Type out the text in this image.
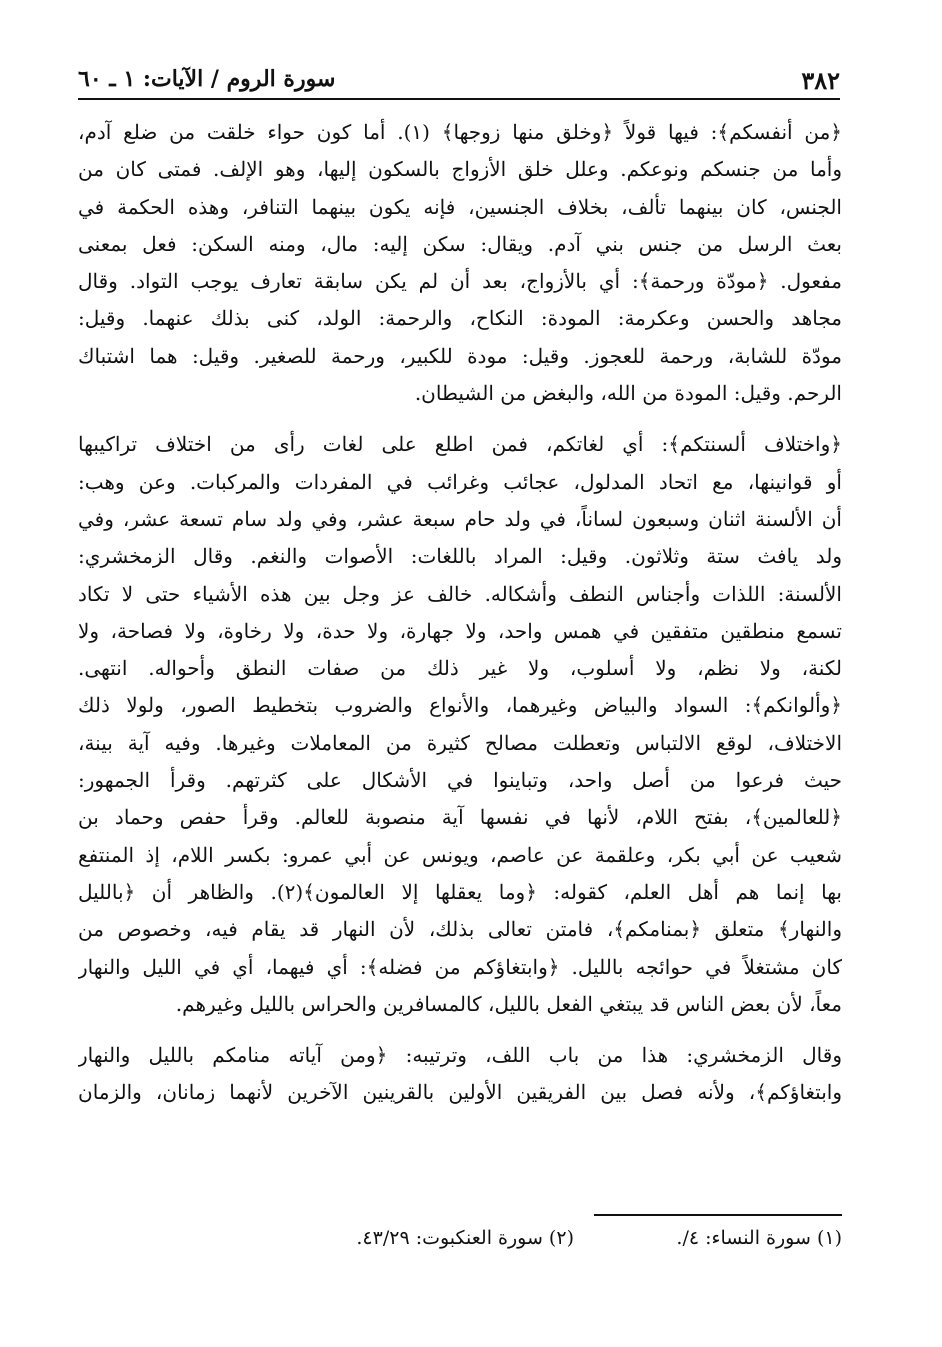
٣٨٢
سورة الروم / الآيات: ١ ـ ٦٠

﴿من أنفسكم﴾: فيها قولاً ﴿وخلق منها زوجها﴾ (١). أما كون حواء خلقت من ضلع آدم،
وأما من جنسكم ونوعكم. وعلل خلق الأزواج بالسكون إليها، وهو الإلف. فمتى كان من
الجنس، كان بينهما تألف، بخلاف الجنسين، فإنه يكون بينهما التنافر، وهذه الحكمة في
بعث الرسل من جنس بني آدم. ويقال: سكن إليه: مال، ومنه السكن: فعل بمعنى
مفعول. ﴿مودّة ورحمة﴾: أي بالأزواج، بعد أن لم يكن سابقة تعارف يوجب التواد. وقال
مجاهد والحسن وعكرمة: المودة: النكاح، والرحمة: الولد، كنى بذلك عنهما. وقيل:
مودّة للشابة، ورحمة للعجوز. وقيل: مودة للكبير، ورحمة للصغير. وقيل: هما اشتباك
الرحم. وقيل: المودة من الله، والبغض من الشيطان.

﴿واختلاف ألسنتكم﴾: أي لغاتكم، فمن اطلع على لغات رأى من اختلاف تراكيبها
أو قوانينها، مع اتحاد المدلول، عجائب وغرائب في المفردات والمركبات. وعن وهب:
أن الألسنة اثنان وسبعون لساناً، في ولد حام سبعة عشر، وفي ولد سام تسعة عشر، وفي
ولد يافث ستة وثلاثون. وقيل: المراد باللغات: الأصوات والنغم. وقال الزمخشري:
الألسنة: اللذات وأجناس النطف وأشكاله. خالف عز وجل بين هذه الأشياء حتى لا تكاد
تسمع منطقين متفقين في همس واحد، ولا جهارة، ولا حدة، ولا رخاوة، ولا فصاحة، ولا
لكنة، ولا نظم، ولا أسلوب، ولا غير ذلك من صفات النطق وأحواله. انتهى.
﴿وألوانكم﴾: السواد والبياض وغيرهما، والأنواع والضروب بتخطيط الصور، ولولا ذلك
الاختلاف، لوقع الالتباس وتعطلت مصالح كثيرة من المعاملات وغيرها. وفيه آية بينة،
حيث فرعوا من أصل واحد، وتباينوا في الأشكال على كثرتهم. وقرأ الجمهور:
﴿للعالمين﴾، بفتح اللام، لأنها في نفسها آية منصوبة للعالم. وقرأ حفص وحماد بن
شعيب عن أبي بكر، وعلقمة عن عاصم، ويونس عن أبي عمرو: بكسر اللام، إذ المنتفع
بها إنما هم أهل العلم، كقوله: ﴿وما يعقلها إلا العالمون﴾(٢). والظاهر أن ﴿بالليل
والنهار﴾ متعلق ﴿بمنامكم﴾، فامتن تعالى بذلك، لأن النهار قد يقام فيه، وخصوص من
كان مشتغلاً في حوائجه بالليل. ﴿وابتغاؤكم من فضله﴾: أي فيهما، أي في الليل والنهار
معاً، لأن بعض الناس قد يبتغي الفعل بالليل، كالمسافرين والحراس بالليل وغيرهم.

وقال الزمخشري: هذا من باب اللف، وترتيبه: ﴿ومن آياته منامكم بالليل والنهار
وابتغاؤكم﴾، ولأنه فصل بين الفريقين الأولين بالقرينين الآخرين لأنهما زمانان، والزمان

(١) سورة النساء: ٤/.
(٢) سورة العنكبوت: ٤٣/٢٩.
